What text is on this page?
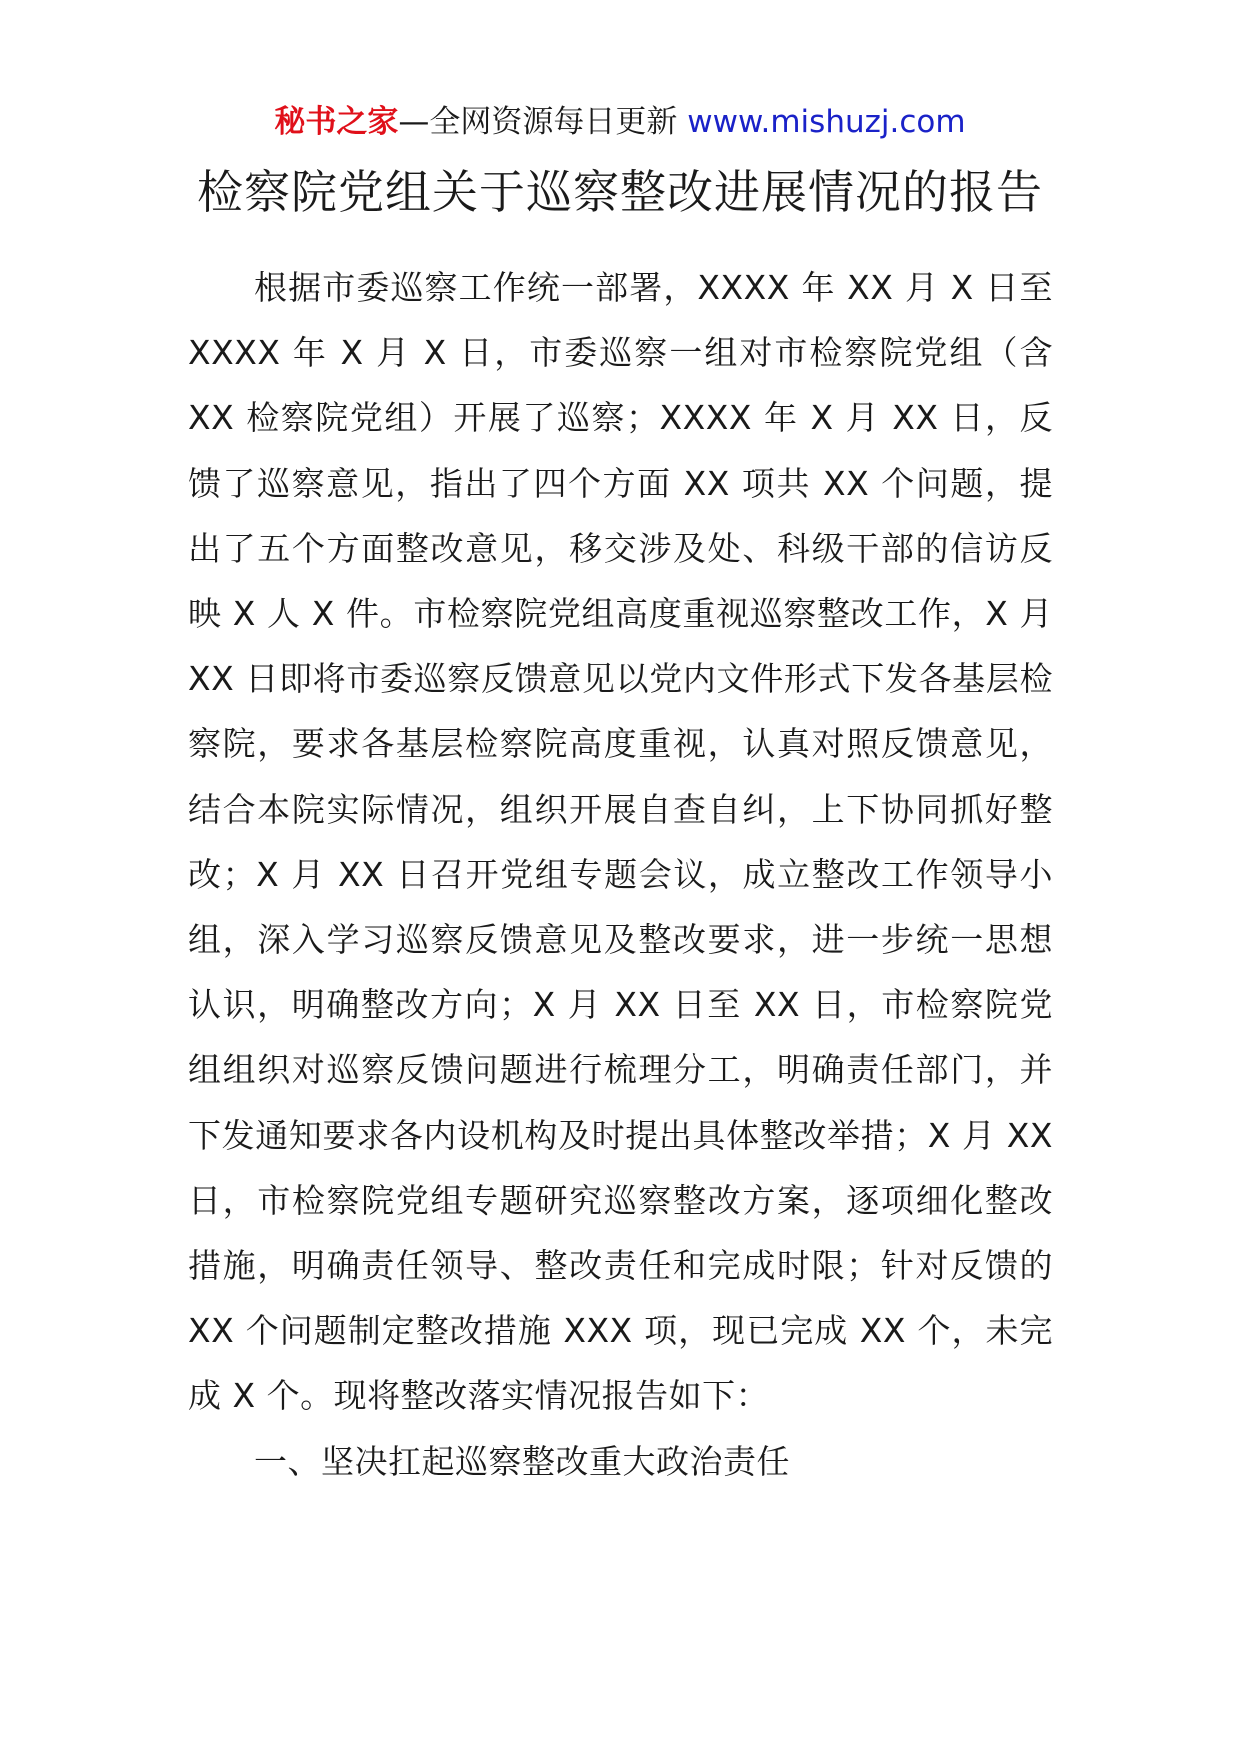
秘书之家—全网资源每日更新 www.mishuzj.com
检察院党组关于巡察整改进展情况的报告

根据市委巡察工作统一部署，XXXX 年 XX 月 X 日至XXXX 年 X 月 X 日，市委巡察一组对市检察院党组（含 XX 检察院党组）开展了巡察；XXXX 年 X 月 XX 日，反馈了巡察意见，指出了四个方面 XX 项共 XX 个问题，提出了五个方面整改意见，移交涉及处、科级干部的信访反映 X 人 X 件。市检察院党组高度重视巡察整改工作，X 月 XX 日即将市委巡察反馈意见以党内文件形式下发各基层检察院，要求各基层检察院高度重视，认真对照反馈意见，结合本院实际情况，组织开展自查自纠，上下协同抓好整改；X 月 XX 日召开党组专题会议，成立整改工作领导小组，深入学习巡察反馈意见及整改要求，进一步统一思想认识，明确整改方向；X 月 XX 日至 XX 日，市检察院党组组织对巡察反馈问题进行梳理分工，明确责任部门，并下发通知要求各内设机构及时提出具体整改举措；X 月 XX 日，市检察院党组专题研究巡察整改方案，逐项细化整改措施，明确责任领导、整改责任和完成时限；针对反馈的 XX 个问题制定整改措施 XXX 项，现已完成 XX 个，未完成 X 个。现将整改落实情况报告如下：

一、坚决扛起巡察整改重大政治责任
